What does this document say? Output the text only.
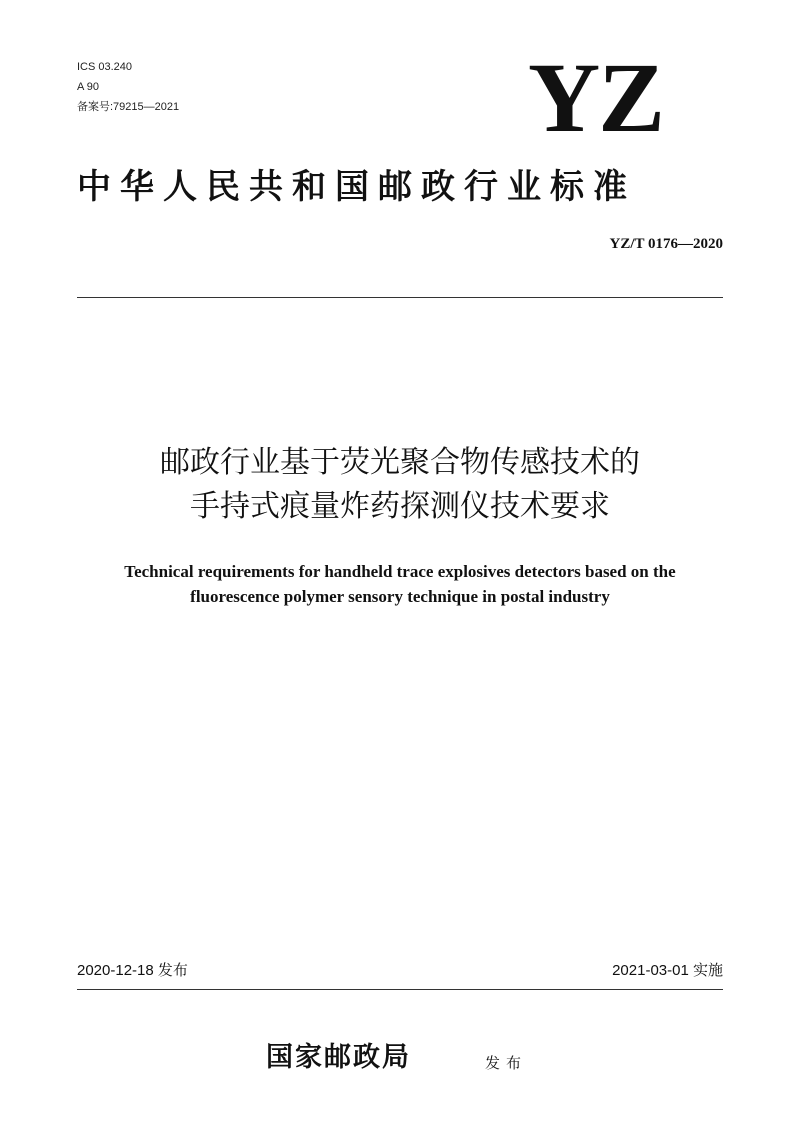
ICS 03.240
A 90
备案号:79215—2021	YZ
中华人民共和国邮政行业标准
YZ/T 0176—2020
邮政行业基于荧光聚合物传感技术的
手持式痕量炸药探测仪技术要求
Technical requirements for handheld trace explosives detectors based on the
fluorescence polymer sensory technique in postal industry
2020-12-18 发布	2021-03-01 实施
国家邮政局	发布
